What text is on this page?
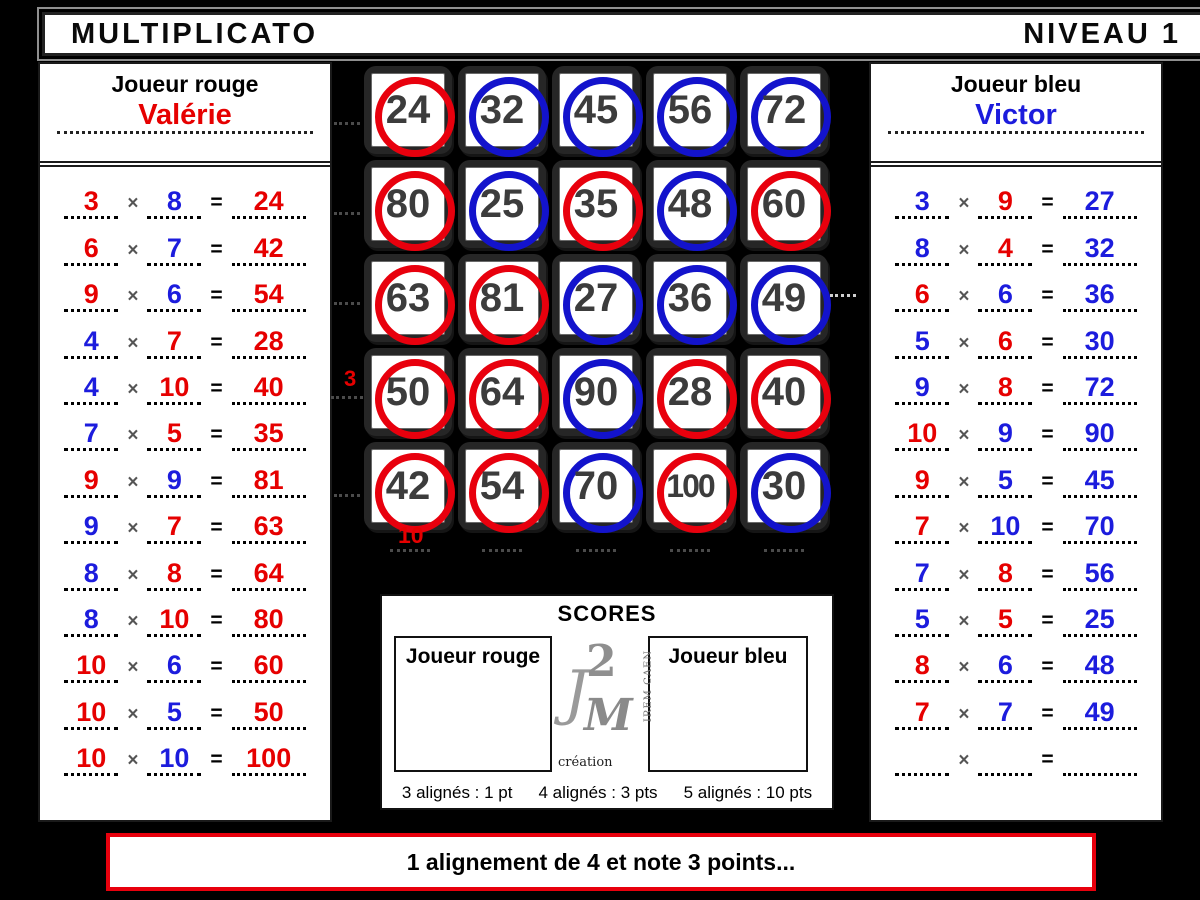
MULTIPLICATO	NIVEAU 1
Joueur rouge
Valérie
3	×	8	=	24
6	×	7	=	42
9	×	6	=	54
4	×	7	=	28
4	× 10 =	40
7	×	5	=	35
9	×	9	=	81
9	×	7	=	63
8	×	8	=	64
8	× 10 =	80
10	×	6	=	60
10	×	5	=	50
10	× 10 = 100
Joueur bleu
Victor
3	×	9	=	27
8	×	4	=	32
6	×	6	=	36
5	×	6	=	30
9	×	8	=	72
10	×	9	=	90
9	×	5	=	45
7	× 10 =	70
7	×	8	=	56
5	×	5	=	25
8	×	6	=	48
7	×	7	=	49
×	=
24	32	45	56	72
80	25	35	48	60
63	81	27	36	49
50	64	90	28	40
42	54	70	100	30
3
10
SCORES
Joueur rouge	Joueur bleu
J
2
M
création
IREM CAEN
3 alignés : 1 pt 4 alignés : 3 pts 5 alignés : 10 pts
1 alignement de 4 et note 3 points...
